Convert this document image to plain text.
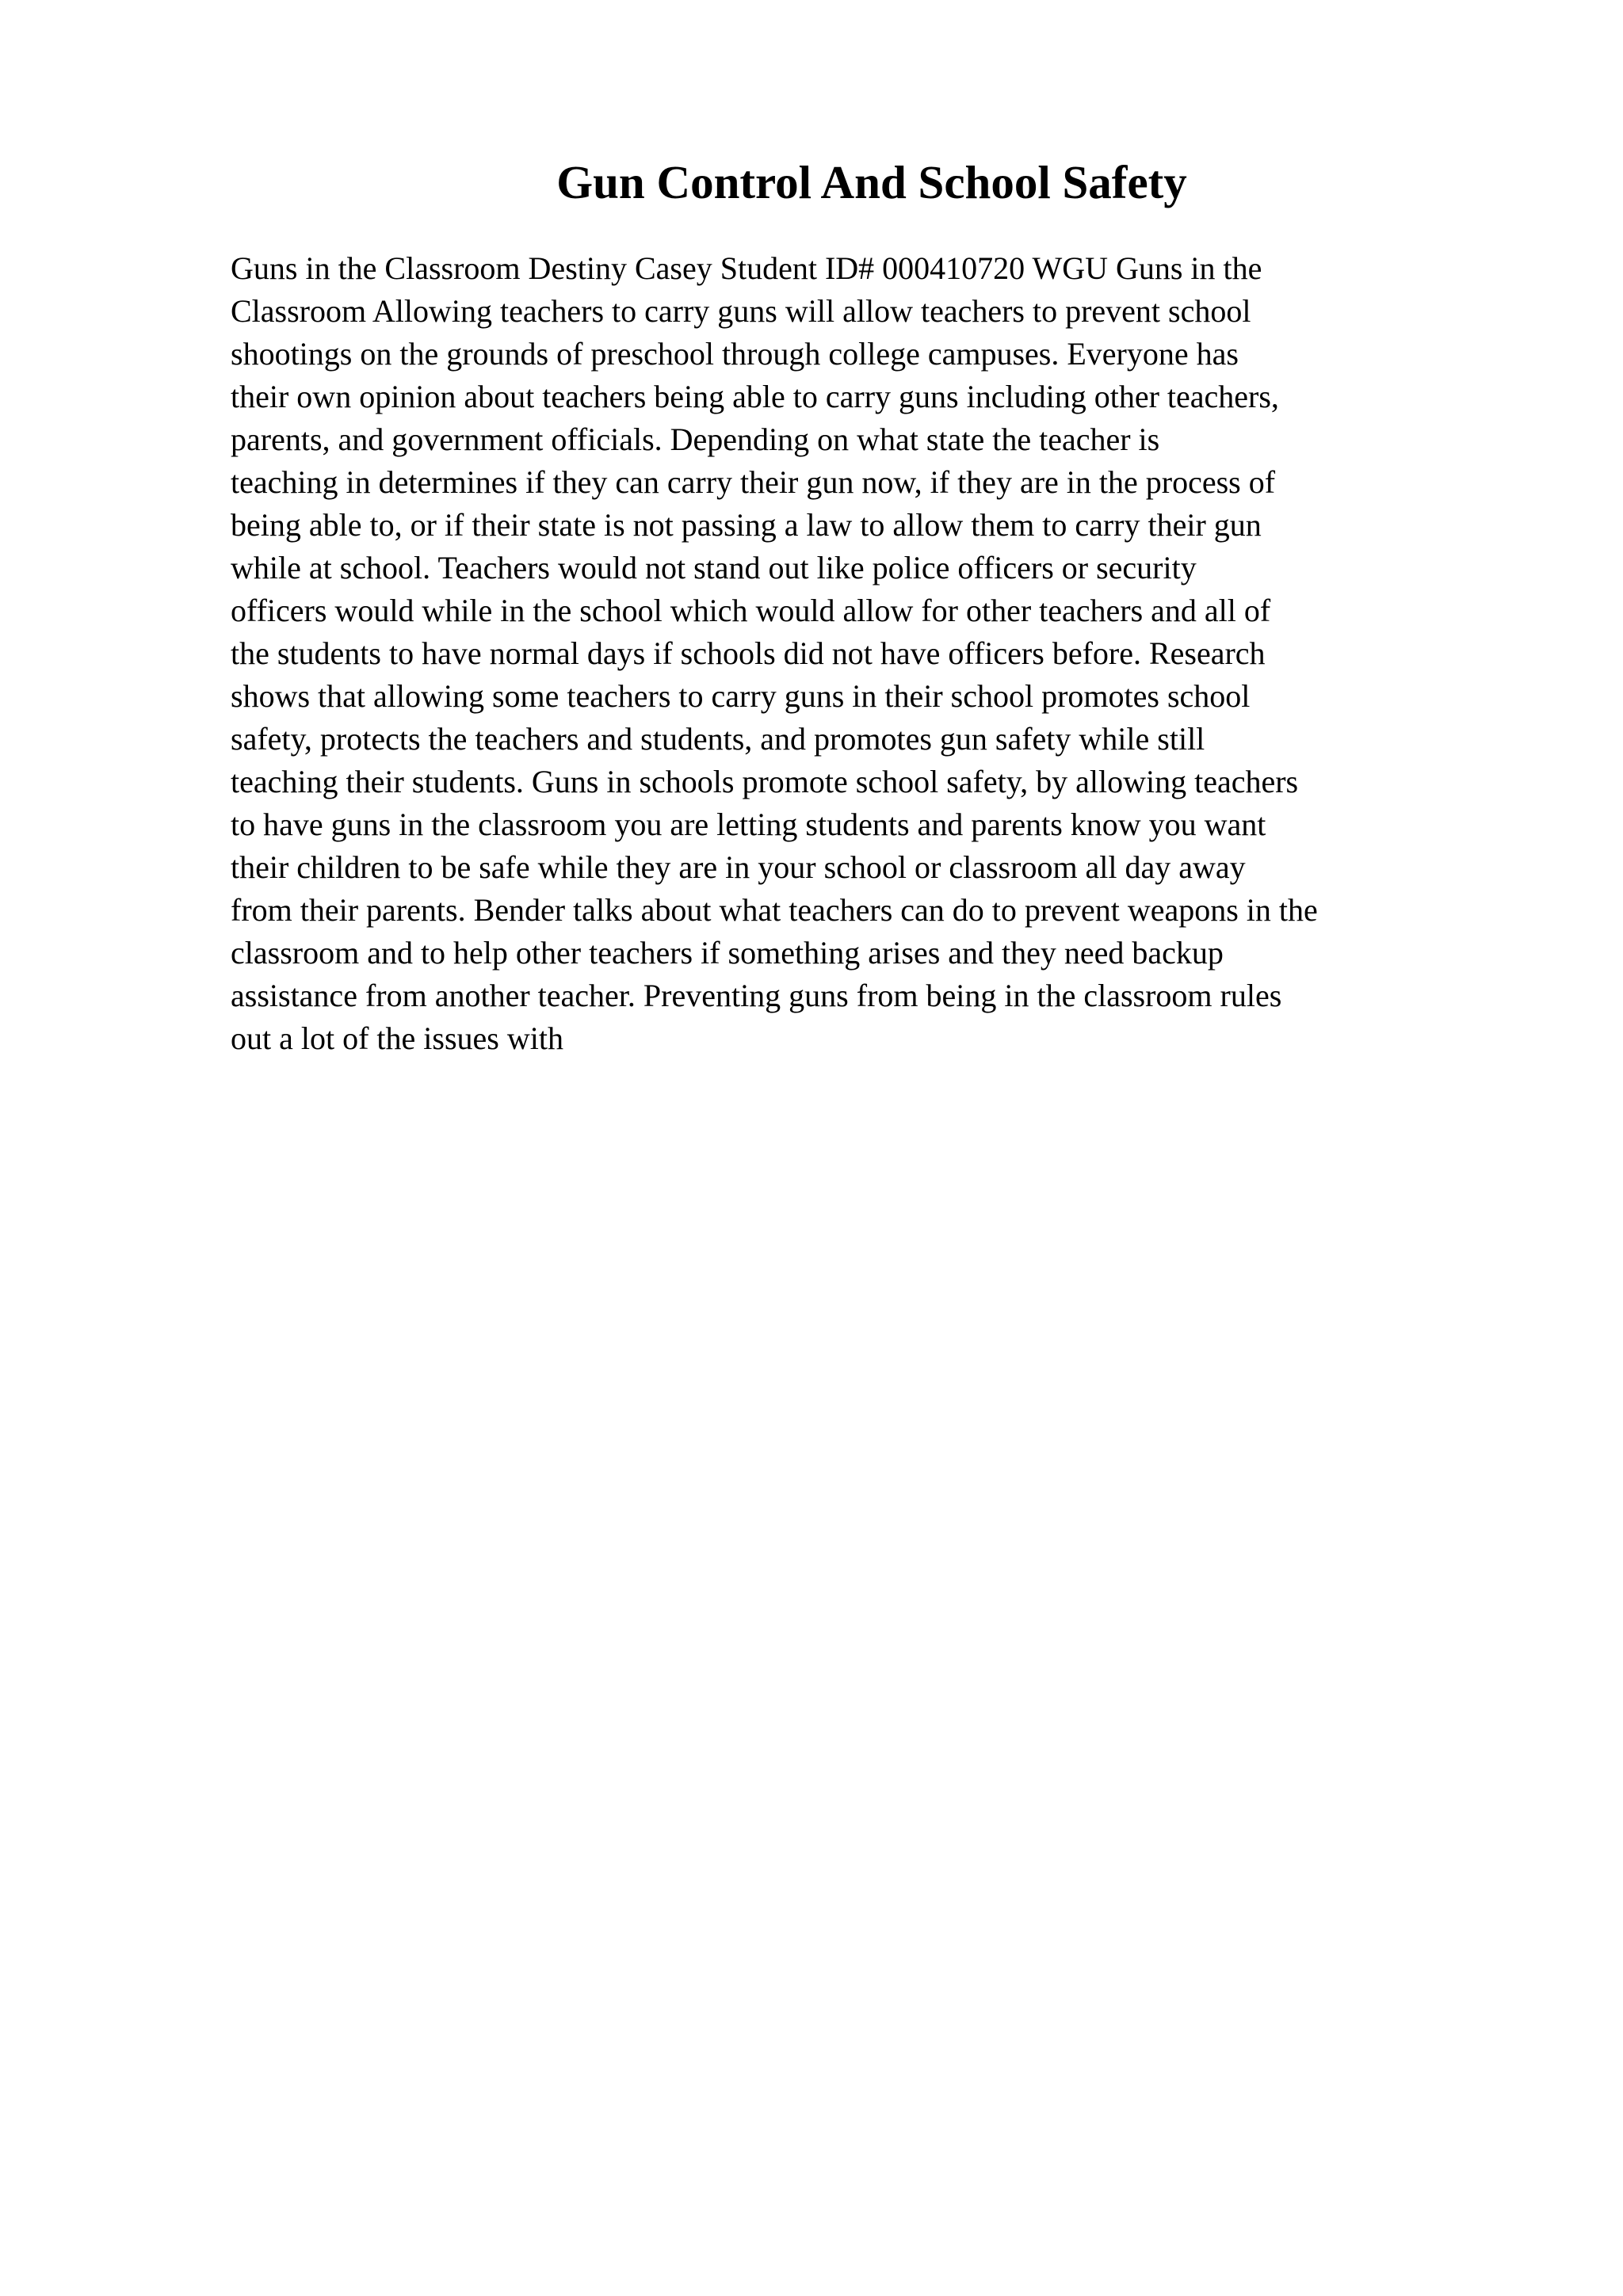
Gun Control And School Safety
Guns in the Classroom Destiny Casey Student ID# 000410720 WGU Guns in the
Classroom Allowing teachers to carry guns will allow teachers to prevent school
shootings on the grounds of preschool through college campuses. Everyone has
their own opinion about teachers being able to carry guns including other teachers,
parents, and government officials. Depending on what state the teacher is
teaching in determines if they can carry their gun now, if they are in the process of
being able to, or if their state is not passing a law to allow them to carry their gun
while at school. Teachers would not stand out like police officers or security
officers would while in the school which would allow for other teachers and all of
the students to have normal days if schools did not have officers before. Research
shows that allowing some teachers to carry guns in their school promotes school
safety, protects the teachers and students, and promotes gun safety while still
teaching their students. Guns in schools promote school safety, by allowing teachers
to have guns in the classroom you are letting students and parents know you want
their children to be safe while they are in your school or classroom all day away
from their parents. Bender talks about what teachers can do to prevent weapons in the
classroom and to help other teachers if something arises and they need backup
assistance from another teacher. Preventing guns from being in the classroom rules
out a lot of the issues with
